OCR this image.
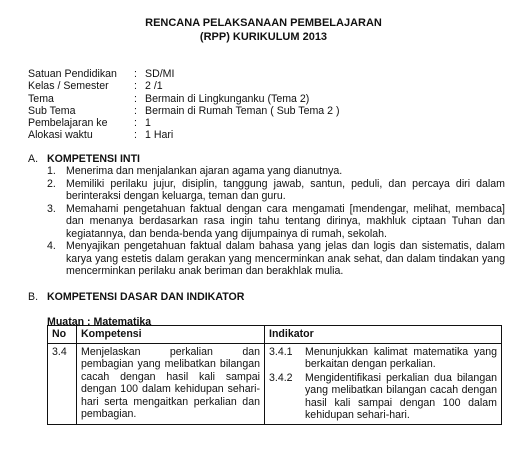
RENCANA PELAKSANAAN PEMBELAJARAN
(RPP) KURIKULUM 2013
Satuan Pendidikan : SD/MI
Kelas / Semester : 2 /1
Tema	: Bermain di Lingkunganku (Tema 2)
Sub Tema	: Bermain di Rumah Teman ( Sub Tema 2 )
Pembelajaran ke	: 1
Alokasi waktu	: 1 Hari
A. KOMPETENSI INTI
1. Menerima dan menjalankan ajaran agama yang dianutnya.
2. Memiliki perilaku jujur, disiplin, tanggung jawab, santun, peduli, dan percaya diri dalam berinteraksi dengan keluarga, teman dan guru.
3. Memahami pengetahuan faktual dengan cara mengamati [mendengar, melihat, membaca] dan menanya berdasarkan rasa ingin tahu tentang dirinya, makhluk ciptaan Tuhan dan kegiatannya, dan benda-benda yang dijumpainya di rumah, sekolah.
4. Menyajikan pengetahuan faktual dalam bahasa yang jelas dan logis dan sistematis, dalam karya yang estetis dalam gerakan yang mencerminkan anak sehat, dan dalam tindakan yang mencerminkan perilaku anak beriman dan berakhlak mulia.
B. KOMPETENSI DASAR DAN INDIKATOR
Muatan : Matematika
No	Kompetensi	Indikator
3.4	Menjelaskan perkalian dan pembagian yang melibatkan bilangan cacah dengan hasil kali sampai dengan 100 dalam kehidupan sehari-hari serta mengaitkan perkalian dan pembagian.	3.4.1 Menunjukkan kalimat matematika yang berkaitan dengan perkalian.
3.4.2 Mengidentifikasi perkalian dua bilangan yang melibatkan bilangan cacah dengan hasil kali sampai dengan 100 dalam kehidupan sehari-hari.
